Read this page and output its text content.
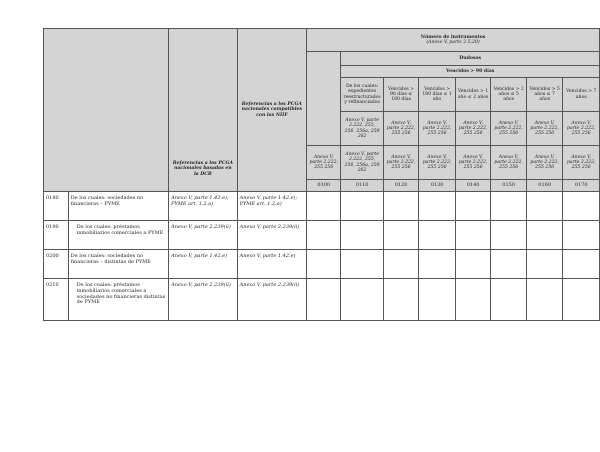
		Referencias a los PCGA nacionales basadas en la DCB	Referencias a los PCGA nacionales compatibles con las NIIF	Número de instrumentos
(Anexo V, parte 2.5.20)							

					Dudosos						
					Vencidos > 90 días						
					De los cuales: expedientes reestructurados y refinanciados	Vencidos > 90 días ≤ 180 días	Vencidos > 180 días ≤ 1 año	Vencidos > 1 año ≤ 2 años	Vencidos > 2 años ≤ 5 años	Vencidos > 5 años ≤ 7 años	Vencidos > 7 años
					Anexo V, parte 2.222, 255, 256, 256a, 259 262	Anexo V, parte 2.222, 255 256	Anexo V, parte 2.222, 255 256	Anexo V, parte 2.222, 255 256	Anexo V, parte 2.222, 255 256	Anexo V, parte 2.222, 255 256	Anexo V, parte 2.222, 255 256
				Anexo V, parte 2.222, 255 256	Anexo V, parte 2.222, 255, 256, 256a, 259 262	Anexo V, parte 2.222, 255 256	Anexo V, parte 2.222, 255 256	Anexo V, parte 2.222, 255 256	Anexo V, parte 2.222, 255 256	Anexo V, parte 2.222, 255 256	Anexo V, parte 2.222, 255 256
				0100	0110	0120	0130	0140	0150	0160	0170
0180	De los cuales: sociedades no financieras – PYME	Anexo V, parte 1.42.e); PYME art. 1.2.a)	Anexo V, parte 1.42.e); PYME art. 1.2.a)								
0190	De los cuales: préstamos inmobiliarios comerciales a PYME	Anexo V, parte 2.239(ii)	Anexo V, parte 2.239(ii)								
0200	De los cuales: sociedades no financieras – distintas de PYME	Anexo V, parte 1.42.e)	Anexo V, parte 1.42.e)								
0210	De los cuales: préstamos inmobiliarios comerciales a sociedades no financieras distintas de PYME	Anexo V, parte 2.239(ii)	Anexo V, parte 2.239(ii)								
